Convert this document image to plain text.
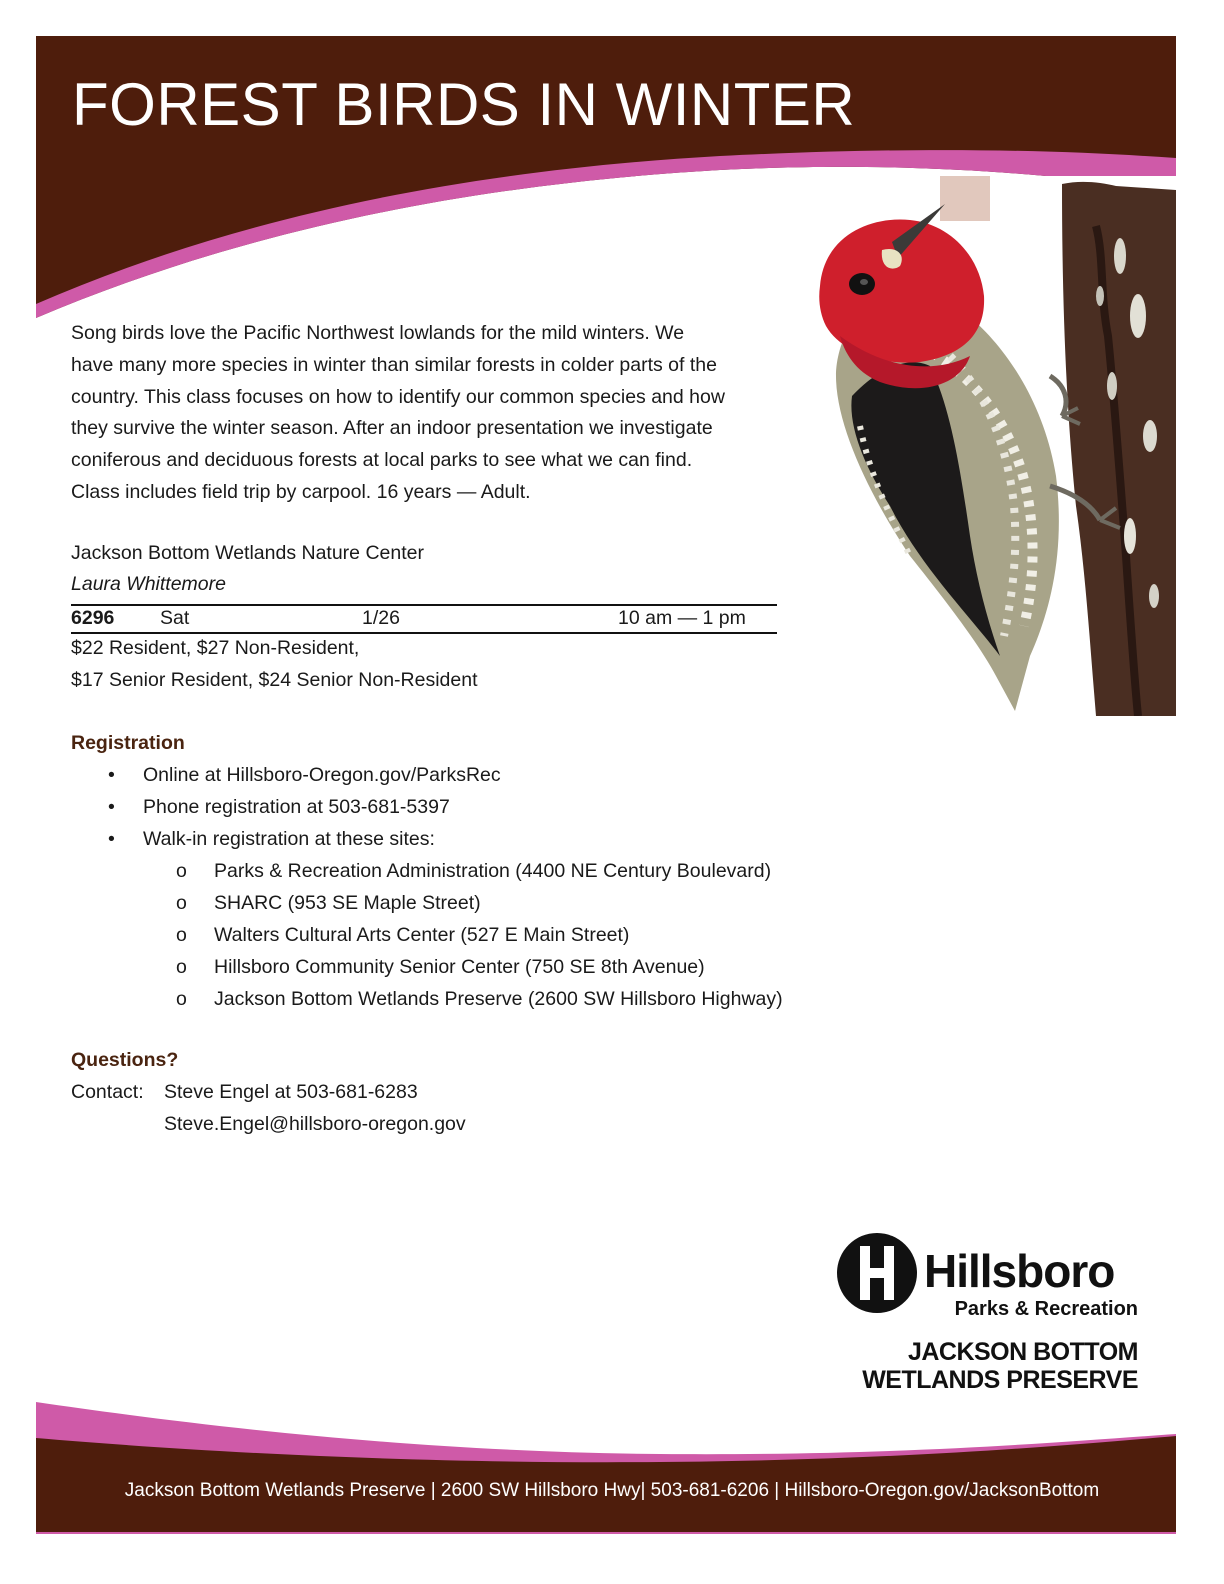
FOREST BIRDS IN WINTER
Song birds love the Pacific Northwest lowlands for the mild winters. We
have many more species in winter than similar forests in colder parts of the
country. This class focuses on how to identify our common species and how
they survive the winter season. After an indoor presentation we investigate
coniferous and deciduous forests at local parks to see what we can find.
Class includes field trip by carpool. 16 years — Adult.
Jackson Bottom Wetlands Nature Center
Laura Whittemore
6296 Sat	1/26	10 am — 1 pm
$22 Resident, $27 Non-Resident,
$17 Senior Resident, $24 Senior Non-Resident
Registration
• Online at Hillsboro-Oregon.gov/ParksRec
• Phone registration at 503-681-5397
• Walk-in registration at these sites:
o Parks & Recreation Administration (4400 NE Century Boulevard)
o SHARC (953 SE Maple Street)
o Walters Cultural Arts Center (527 E Main Street)
o Hillsboro Community Senior Center (750 SE 8th Avenue)
o Jackson Bottom Wetlands Preserve (2600 SW Hillsboro Highway)
Questions?
Contact: Steve Engel at 503-681-6283
Steve.Engel@hillsboro-oregon.gov
Hillsboro
Parks & Recreation
JACKSON BOTTOM
WETLANDS PRESERVE
Jackson Bottom Wetlands Preserve | 2600 SW Hillsboro Hwy| 503-681-6206 | Hillsboro-Oregon.gov/JacksonBottom
